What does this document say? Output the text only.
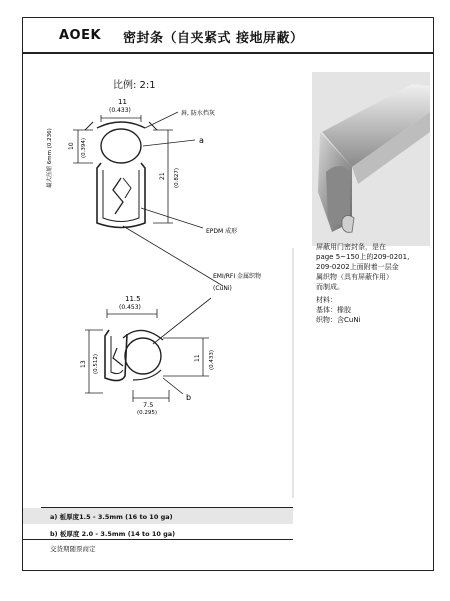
AOEK 密封条（自夹紧式 接地屏蔽）
比例: 2:1
11
(0.433)	唇, 防水挡灰
a
EPDM 成形
最大压缩 6mm (0.236)	10 (0.394)
21 (0.827)
EMI/RFI 金属织物
(CuNi)
11.5
(0.453)
13 (0.512)	11 (0.433)
7.5
(0.295)
b
屏蔽用门密封条，是在
page 5~150上的209-0201,
209-0202上面附着一层金
属织物（具有屏蔽作用）
而制成。
材料：
基体：橡胶
织物：含CuNi
a) 板厚度1.5 - 3.5mm (16 to 10 ga)
b) 板厚度 2.0 - 3.5mm (14 to 10 ga)
交货期随票商定
